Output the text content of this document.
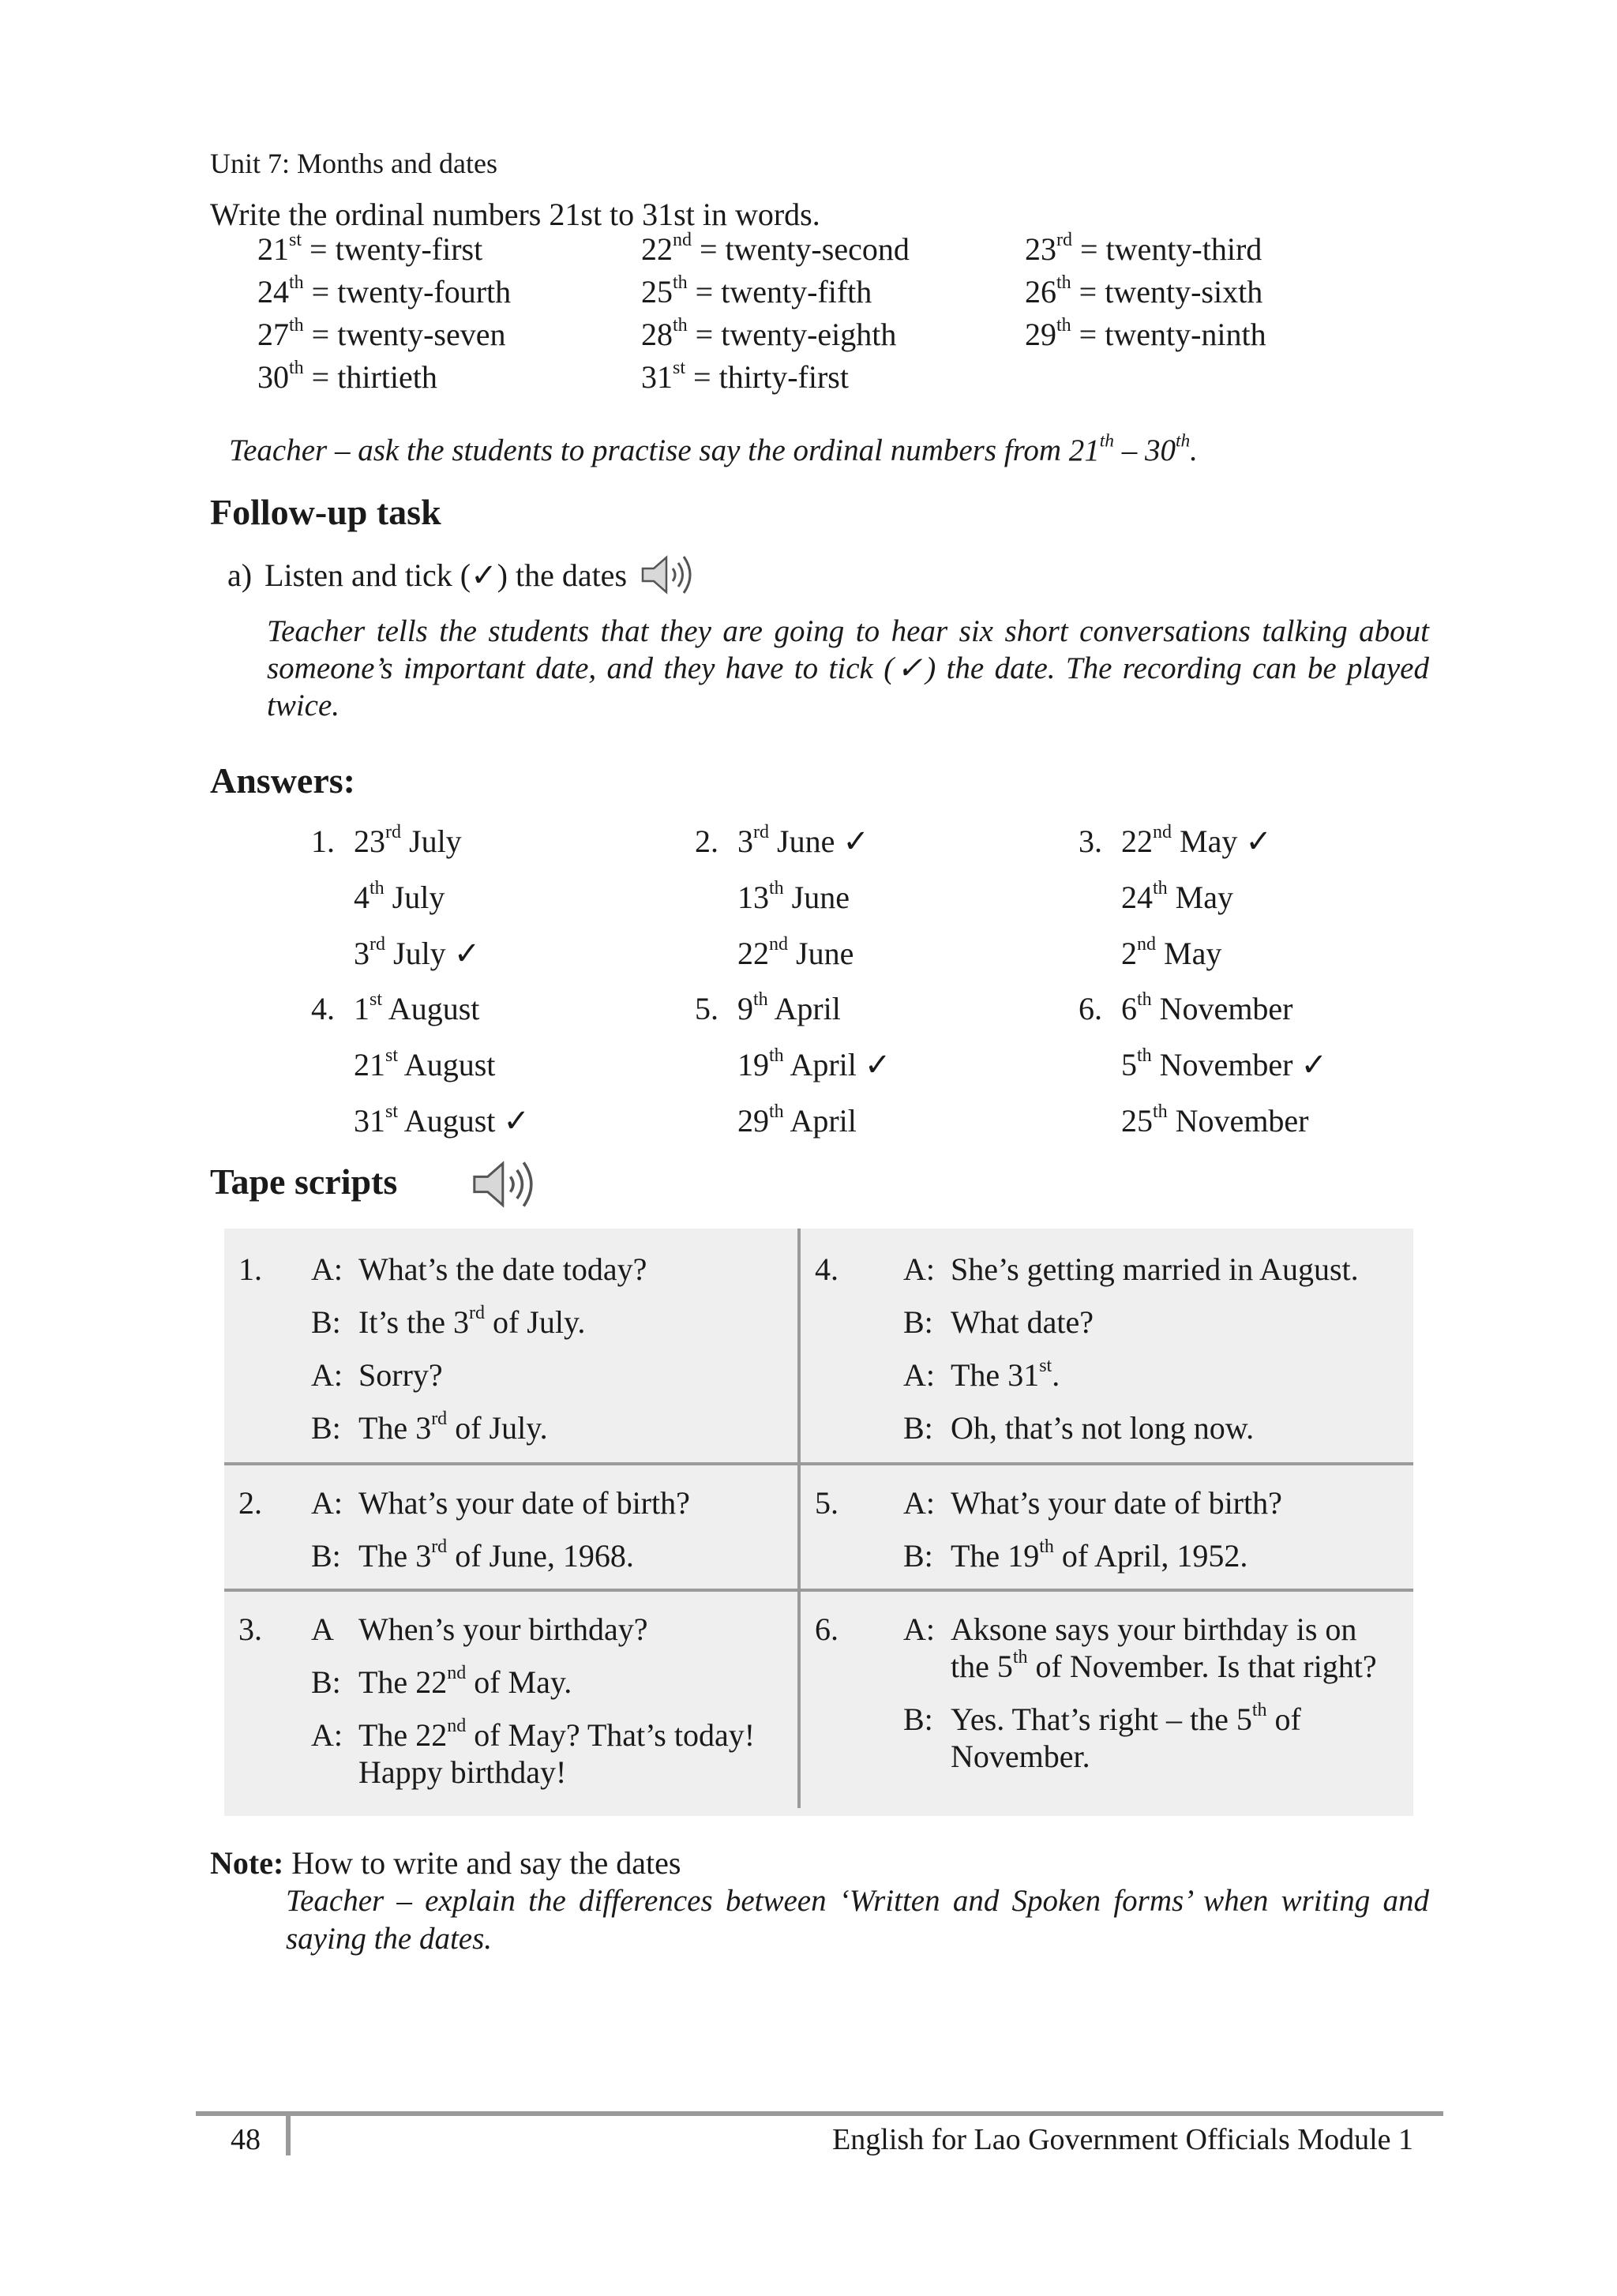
Unit 7: Months and dates
Write the ordinal numbers 21st to 31st in words.
21st = twenty-first	22nd = twenty-second	23rd = twenty-third
24th = twenty-fourth	25th = twenty-fifth	26th = twenty-sixth
27th = twenty-seven	28th = twenty-eighth	29th = twenty-ninth
30th = thirtieth	31st = thirty-first
Teacher – ask the students to practise say the ordinal numbers from 21th – 30th.
Follow-up task
a) Listen and tick (✓) the dates
Teacher tells the students that they are going to hear six short conversations talking about someone’s important date, and they have to tick (✓) the date. The recording can be played twice.
Answers:
1. 23rd July
4th July
3rd July ✓
2. 3rd June ✓
13th June
22nd June
3. 22nd May ✓
24th May
2nd May
4. 1st August
21st August
31st August ✓
5. 9th April
19th April ✓
29th April
6. 6th November
5th November ✓
25th November
Tape scripts
1. A: What’s the date today?
B: It’s the 3rd of July.
A: Sorry?
B: The 3rd of July.
4. A: She’s getting married in August.
B: What date?
A: The 31st.
B: Oh, that’s not long now.
2. A: What’s your date of birth?
B: The 3rd of June, 1968.
5. A: What’s your date of birth?
B: The 19th of April, 1952.
3. A When’s your birthday?
B: The 22nd of May.
A: The 22nd of May? That’s today! Happy birthday!
6. A: Aksone says your birthday is on the 5th of November. Is that right?
B: Yes. That’s right – the 5th of November.
Note: How to write and say the dates
Teacher – explain the differences between ‘Written and Spoken forms’ when writing and saying the dates.
48	English for Lao Government Officials Module 1
